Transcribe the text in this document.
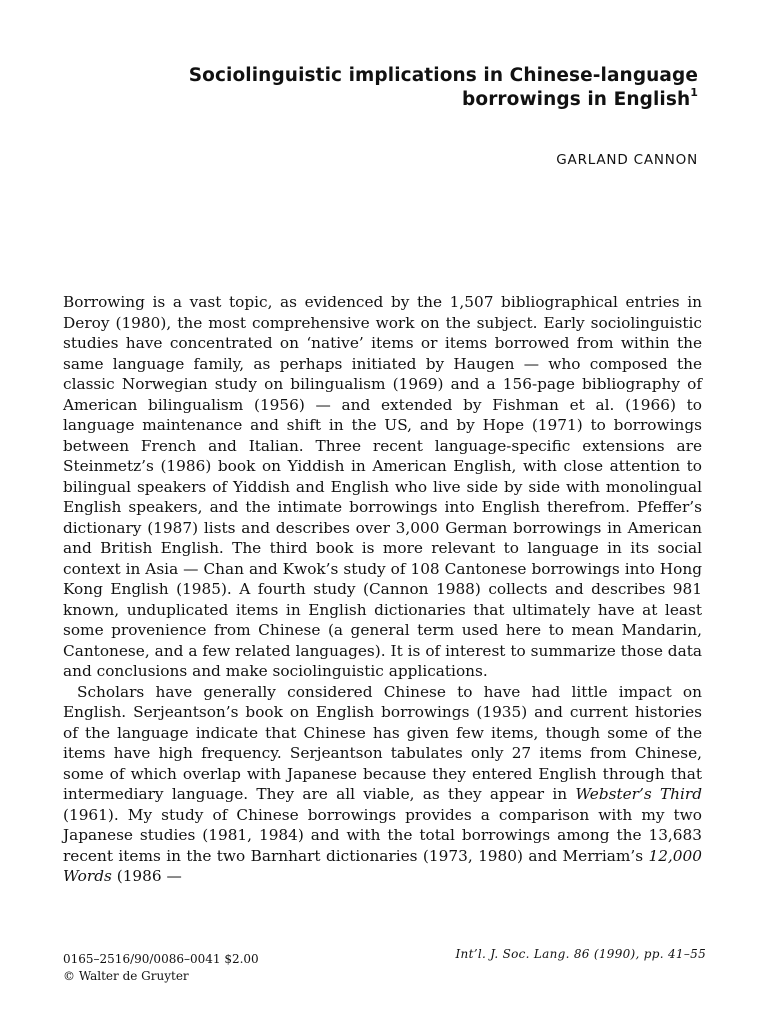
Sociolinguistic implications in Chinese-language
borrowings in English$^1$
GARLAND CANNON

Borrowing is a vast topic, as evidenced by the 1,507 bibliographical entries in Deroy (1980), the most comprehensive work on the subject. Early sociolinguistic studies have concentrated on ‘native’ items or items borrowed from within the same language family, as perhaps initiated by Haugen — who composed the classic Norwegian study on bilingualism (1969) and a 156-page bibliography of American bilingualism (1956) — and extended by Fishman et al. (1966) to language maintenance and shift in the US, and by Hope (1971) to borrowings between French and Italian. Three recent language-specific extensions are Steinmetz’s (1986) book on Yiddish in American English, with close attention to bilingual speakers of Yiddish and English who live side by side with monolingual English speakers, and the intimate borrowings into English therefrom. Pfeffer’s dictionary (1987) lists and describes over 3,000 German borrowings in American and British English. The third book is more relevant to language in its social context in Asia — Chan and Kwok’s study of 108 Cantonese borrowings into Hong Kong English (1985). A fourth study (Cannon 1988) collects and describes 981 known, unduplicated items in English dictionaries that ultimately have at least some provenience from Chinese (a general term used here to mean Mandarin, Cantonese, and a few related languages). It is of interest to summarize those data and conclusions and make sociolinguistic applications.

Scholars have generally considered Chinese to have had little impact on English. Serjeantson’s book on English borrowings (1935) and current histories of the language indicate that Chinese has given few items, though some of the items have high frequency. Serjeantson tabulates only 27 items from Chinese, some of which overlap with Japanese because they entered English through that intermediary language. They are all viable, as they appear in Webster’s Third (1961). My study of Chinese borrowings provides a comparison with my two Japanese studies (1981, 1984) and with the total borrowings among the 13,683 recent items in the two Barnhart dictionaries (1973, 1980) and Merriam’s 12,000 Words (1986 —

0165–2516/90/0086–0041 $2.00
© Walter de Gruyter
Int’l. J. Soc. Lang. 86 (1990), pp. 41–55
